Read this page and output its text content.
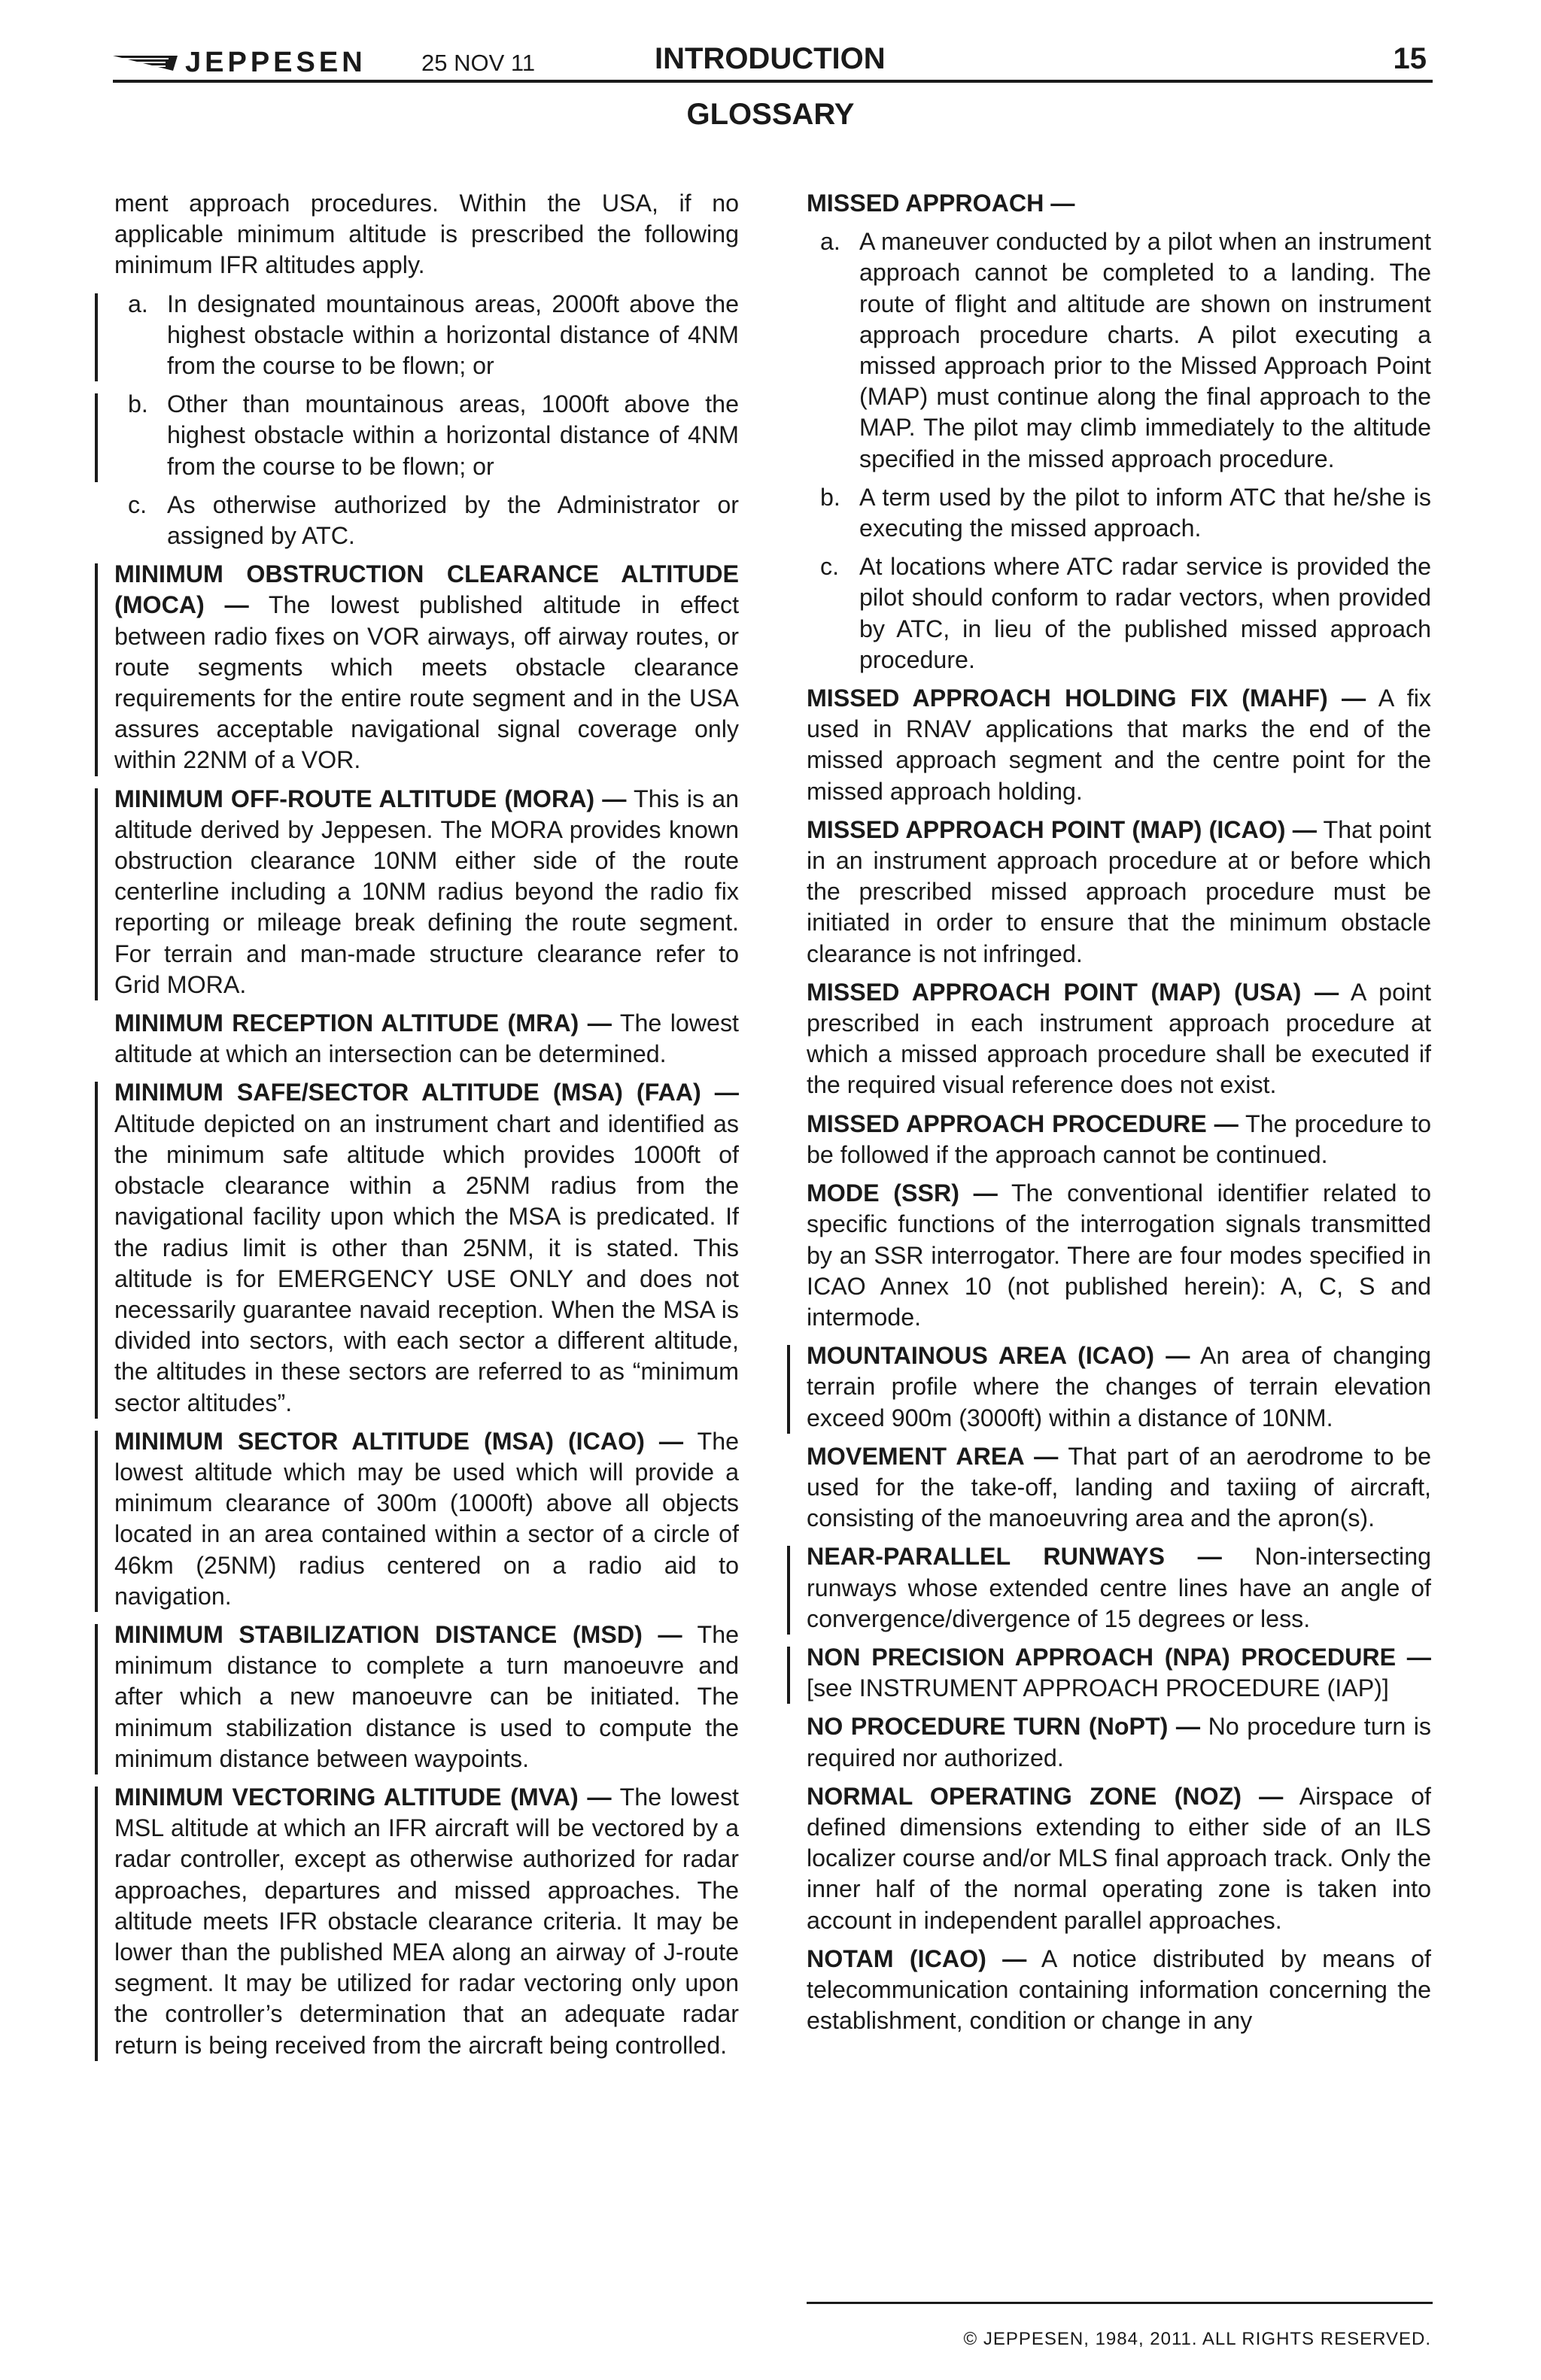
JEPPESEN 25 NOV 11	INTRODUCTION	15
GLOSSARY

ment approach procedures. Within the USA, if no applicable minimum altitude is prescribed the following minimum IFR altitudes apply.

a. In designated mountainous areas, 2000ft above the highest obstacle within a horizontal distance of 4NM from the course to be flown; or
b. Other than mountainous areas, 1000ft above the highest obstacle within a horizontal distance of 4NM from the course to be flown; or
c. As otherwise authorized by the Administrator or assigned by ATC.

MINIMUM OBSTRUCTION CLEARANCE ALTITUDE (MOCA) — The lowest published altitude in effect between radio fixes on VOR airways, off airway routes, or route segments which meets obstacle clearance requirements for the entire route segment and in the USA assures acceptable navigational signal coverage only within 22NM of a VOR.

MINIMUM OFF-ROUTE ALTITUDE (MORA) — This is an altitude derived by Jeppesen. The MORA provides known obstruction clearance 10NM either side of the route centerline including a 10NM radius beyond the radio fix reporting or mileage break defining the route segment. For terrain and man-made structure clearance refer to Grid MORA.

MINIMUM RECEPTION ALTITUDE (MRA) — The lowest altitude at which an intersection can be determined.

MINIMUM SAFE/SECTOR ALTITUDE (MSA) (FAA) — Altitude depicted on an instrument chart and identified as the minimum safe altitude which provides 1000ft of obstacle clearance within a 25NM radius from the navigational facility upon which the MSA is predicated. If the radius limit is other than 25NM, it is stated. This altitude is for EMERGENCY USE ONLY and does not necessarily guarantee navaid reception. When the MSA is divided into sectors, with each sector a different altitude, the altitudes in these sectors are referred to as “minimum sector altitudes”.

MINIMUM SECTOR ALTITUDE (MSA) (ICAO) — The lowest altitude which may be used which will provide a minimum clearance of 300m (1000ft) above all objects located in an area contained within a sector of a circle of 46km (25NM) radius centered on a radio aid to navigation.

MINIMUM STABILIZATION DISTANCE (MSD) — The minimum distance to complete a turn manoeuvre and after which a new manoeuvre can be initiated. The minimum stabilization distance is used to compute the minimum distance between waypoints.

MINIMUM VECTORING ALTITUDE (MVA) — The lowest MSL altitude at which an IFR aircraft will be vectored by a radar controller, except as otherwise authorized for radar approaches, departures and missed approaches. The altitude meets IFR obstacle clearance criteria. It may be lower than the published MEA along an airway of J-route segment. It may be utilized for radar vectoring only upon the controller’s determination that an adequate radar return is being received from the aircraft being controlled.

MISSED APPROACH —

a. A maneuver conducted by a pilot when an instrument approach cannot be completed to a landing. The route of flight and altitude are shown on instrument approach procedure charts. A pilot executing a missed approach prior to the Missed Approach Point (MAP) must continue along the final approach to the MAP. The pilot may climb immediately to the altitude specified in the missed approach procedure.
b. A term used by the pilot to inform ATC that he/she is executing the missed approach.
c. At locations where ATC radar service is provided the pilot should conform to radar vectors, when provided by ATC, in lieu of the published missed approach procedure.

MISSED APPROACH HOLDING FIX (MAHF) — A fix used in RNAV applications that marks the end of the missed approach segment and the centre point for the missed approach holding.

MISSED APPROACH POINT (MAP) (ICAO) — That point in an instrument approach procedure at or before which the prescribed missed approach procedure must be initiated in order to ensure that the minimum obstacle clearance is not infringed.

MISSED APPROACH POINT (MAP) (USA) — A point prescribed in each instrument approach procedure at which a missed approach procedure shall be executed if the required visual reference does not exist.

MISSED APPROACH PROCEDURE — The procedure to be followed if the approach cannot be continued.

MODE (SSR) — The conventional identifier related to specific functions of the interrogation signals transmitted by an SSR interrogator. There are four modes specified in ICAO Annex 10 (not published herein): A, C, S and intermode.

MOUNTAINOUS AREA (ICAO) — An area of changing terrain profile where the changes of terrain elevation exceed 900m (3000ft) within a distance of 10NM.

MOVEMENT AREA — That part of an aerodrome to be used for the take-off, landing and taxiing of aircraft, consisting of the manoeuvring area and the apron(s).

NEAR-PARALLEL RUNWAYS — Non-intersecting runways whose extended centre lines have an angle of convergence/divergence of 15 degrees or less.

NON PRECISION APPROACH (NPA) PROCEDURE — [see INSTRUMENT APPROACH PROCEDURE (IAP)]

NO PROCEDURE TURN (NoPT) — No procedure turn is required nor authorized.

NORMAL OPERATING ZONE (NOZ) — Airspace of defined dimensions extending to either side of an ILS localizer course and/or MLS final approach track. Only the inner half of the normal operating zone is taken into account in independent parallel approaches.

NOTAM (ICAO) — A notice distributed by means of telecommunication containing information concerning the establishment, condition or change in any

© JEPPESEN, 1984, 2011. ALL RIGHTS RESERVED.
